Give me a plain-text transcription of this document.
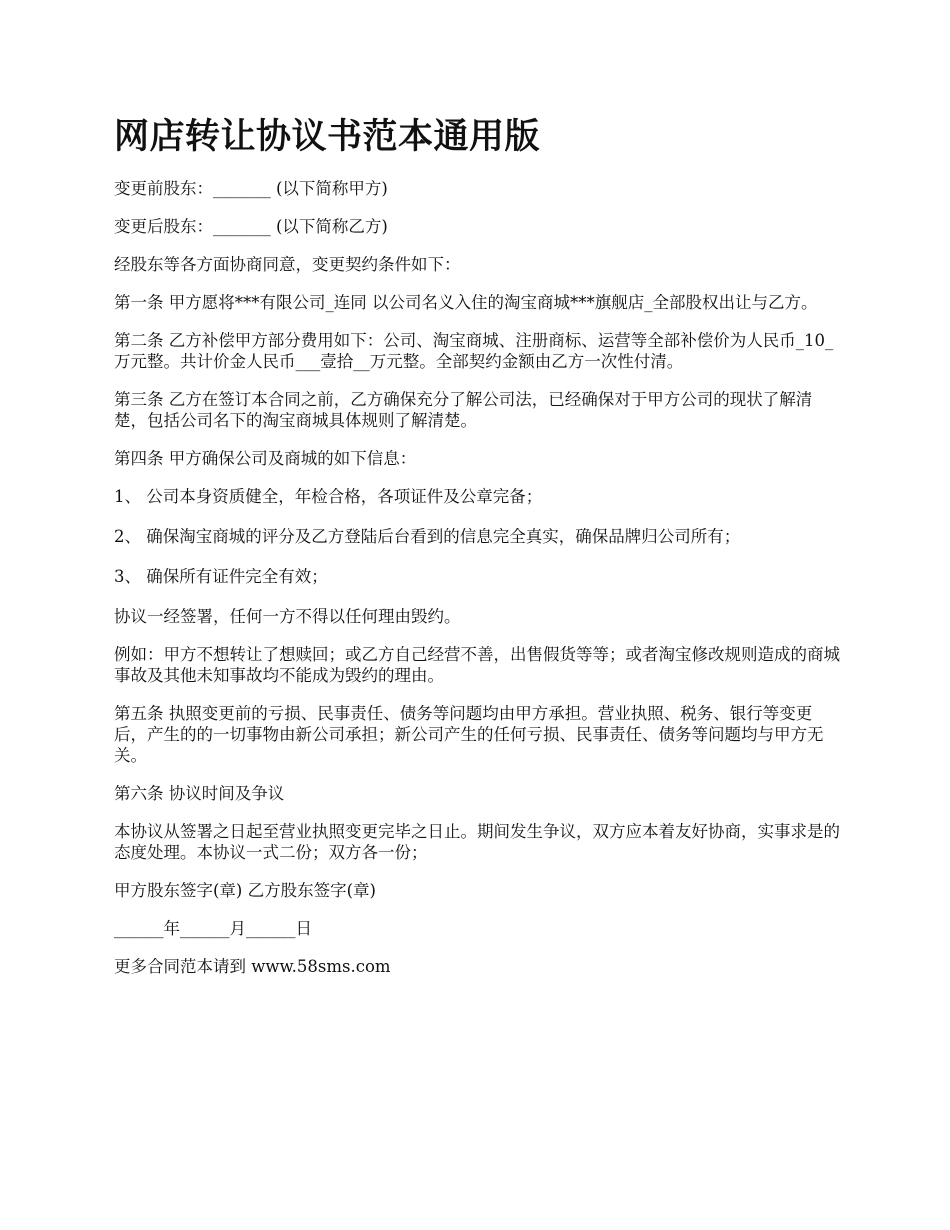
网店转让协议书范本通用版

变更前股东：_______ (以下简称甲方)

变更后股东：_______ (以下简称乙方)

经股东等各方面协商同意，变更契约条件如下：

第一条 甲方愿将***有限公司_连同 以公司名义入住的淘宝商城***旗舰店_全部股权出让与乙方。

第二条 乙方补偿甲方部分费用如下：公司、淘宝商城、注册商标、运营等全部补偿价为人民币_10_万元整。共计价金人民币___壹拾__万元整。全部契约金额由乙方一次性付清。

第三条 乙方在签订本合同之前，乙方确保充分了解公司法，已经确保对于甲方公司的现状了解清楚，包括公司名下的淘宝商城具体规则了解清楚。

第四条 甲方确保公司及商城的如下信息：

1、 公司本身资质健全，年检合格，各项证件及公章完备；

2、 确保淘宝商城的评分及乙方登陆后台看到的信息完全真实，确保品牌归公司所有；

3、 确保所有证件完全有效；

协议一经签署，任何一方不得以任何理由毁约。

例如：甲方不想转让了想赎回；或乙方自己经营不善，出售假货等等；或者淘宝修改规则造成的商城事故及其他未知事故均不能成为毁约的理由。

第五条 执照变更前的亏损、民事责任、债务等问题均由甲方承担。营业执照、税务、银行等变更后，产生的的一切事物由新公司承担；新公司产生的任何亏损、民事责任、债务等问题均与甲方无关。

第六条 协议时间及争议

本协议从签署之日起至营业执照变更完毕之日止。期间发生争议，双方应本着友好协商，实事求是的态度处理。本协议一式二份；双方各一份；

甲方股东签字(章) 乙方股东签字(章)

______年______月______日

更多合同范本请到 www.58sms.com
